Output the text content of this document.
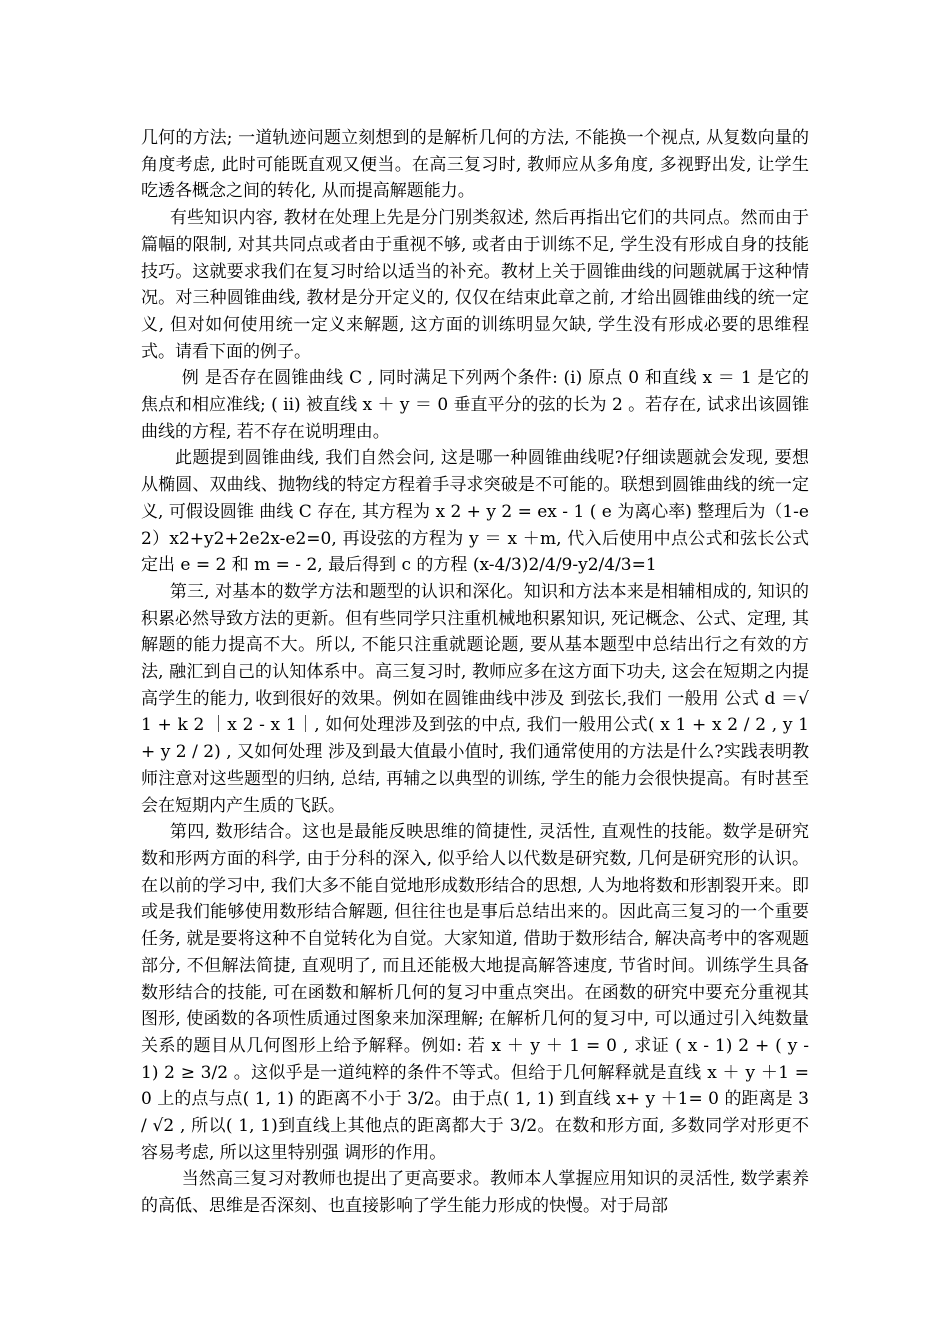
几何的方法; 一道轨迹问题立刻想到的是解析几何的方法, 不能换一个视点, 从复数向量的角度考虑, 此时可能既直观又便当。在高三复习时, 教师应从多角度, 多视野出发, 让学生吃透各概念之间的转化, 从而提高解题能力。

有些知识内容, 教材在处理上先是分门别类叙述, 然后再指出它们的共同点。然而由于篇幅的限制, 对其共同点或者由于重视不够, 或者由于训练不足, 学生没有形成自身的技能技巧。这就要求我们在复习时给以适当的补充。教材上关于圆锥曲线的问题就属于这种情况。对三种圆锥曲线, 教材是分开定义的, 仅仅在结束此章之前, 才给出圆锥曲线的统一定义, 但对如何使用统一定义来解题, 这方面的训练明显欠缺, 学生没有形成必要的思维程式。请看下面的例子。

例 是否存在圆锥曲线 C , 同时满足下列两个条件: (i) 原点 0 和直线 x ＝ 1 是它的焦点和相应准线; ( ii) 被直线 x ＋ y ＝ 0 垂直平分的弦的长为 2 。若存在, 试求出该圆锥曲线的方程, 若不存在说明理由。

此题提到圆锥曲线, 我们自然会问, 这是哪一种圆锥曲线呢?仔细读题就会发现, 要想从椭圆、双曲线、抛物线的特定方程着手寻求突破是不可能的。联想到圆锥曲线的统一定义, 可假设圆锥 曲线 C 存在, 其方程为 x 2 + y 2 = ex - 1 ( e 为离心率) 整理后为（1-e2）x2+y2+2e2x-e2=0, 再设弦的方程为 y ＝ x ＋m, 代入后使用中点公式和弦长公式定出 e = 2 和 m = - 2, 最后得到 c 的方程 (x-4/3)2/4/9-y2/4/3=1

第三, 对基本的数学方法和题型的认识和深化。知识和方法本来是相辅相成的, 知识的积累必然导致方法的更新。但有些同学只注重机械地积累知识, 死记概念、公式、定理, 其解题的能力提高不大。所以, 不能只注重就题论题, 要从基本题型中总结出行之有效的方法, 融汇到自己的认知体系中。高三复习时, 教师应多在这方面下功夫, 这会在短期之内提高学生的能力, 收到很好的效果。例如在圆锥曲线中涉及 到弦长,我们 一般用 公式 d ＝√1 + k 2 ｜x 2 - x 1｜, 如何处理涉及到弦的中点, 我们一般用公式( x 1 + x 2 / 2 , y 1 + y 2 / 2) , 又如何处理 涉及到最大值最小值时, 我们通常使用的方法是什么?实践表明教师注意对这些题型的归纳, 总结, 再辅之以典型的训练, 学生的能力会很快提高。有时甚至会在短期内产生质的飞跃。

第四, 数形结合。这也是最能反映思维的简捷性, 灵活性, 直观性的技能。数学是研究数和形两方面的科学, 由于分科的深入, 似乎给人以代数是研究数, 几何是研究形的认识。在以前的学习中, 我们大多不能自觉地形成数形结合的思想, 人为地将数和形割裂开来。即或是我们能够使用数形结合解题, 但往往也是事后总结出来的。因此高三复习的一个重要任务, 就是要将这种不自觉转化为自觉。大家知道, 借助于数形结合, 解决高考中的客观题部分, 不但解法简捷, 直观明了, 而且还能极大地提高解答速度, 节省时间。训练学生具备数形结合的技能, 可在函数和解析几何的复习中重点突出。在函数的研究中要充分重视其图形, 使函数的各项性质通过图象来加深理解; 在解析几何的复习中, 可以通过引入纯数量关系的题目从几何图形上给予解释。例如: 若 x ＋ y ＋ 1 = 0 , 求证 ( x - 1) 2 + ( y - 1) 2 ≥ 3/2 。这似乎是一道纯粹的条件不等式。但给于几何解释就是直线 x ＋ y ＋1 = 0 上的点与点( 1, 1) 的距离不小于 3/2。由于点( 1, 1) 到直线 x+ y ＋1= 0 的距离是 3 / √2 , 所以( 1, 1)到直线上其他点的距离都大于 3/2。在数和形方面, 多数同学对形更不容易考虑, 所以这里特别强 调形的作用。

当然高三复习对教师也提出了更高要求。教师本人掌握应用知识的灵活性, 数学素养的高低、思维是否深刻、也直接影响了学生能力形成的快慢。对于局部
